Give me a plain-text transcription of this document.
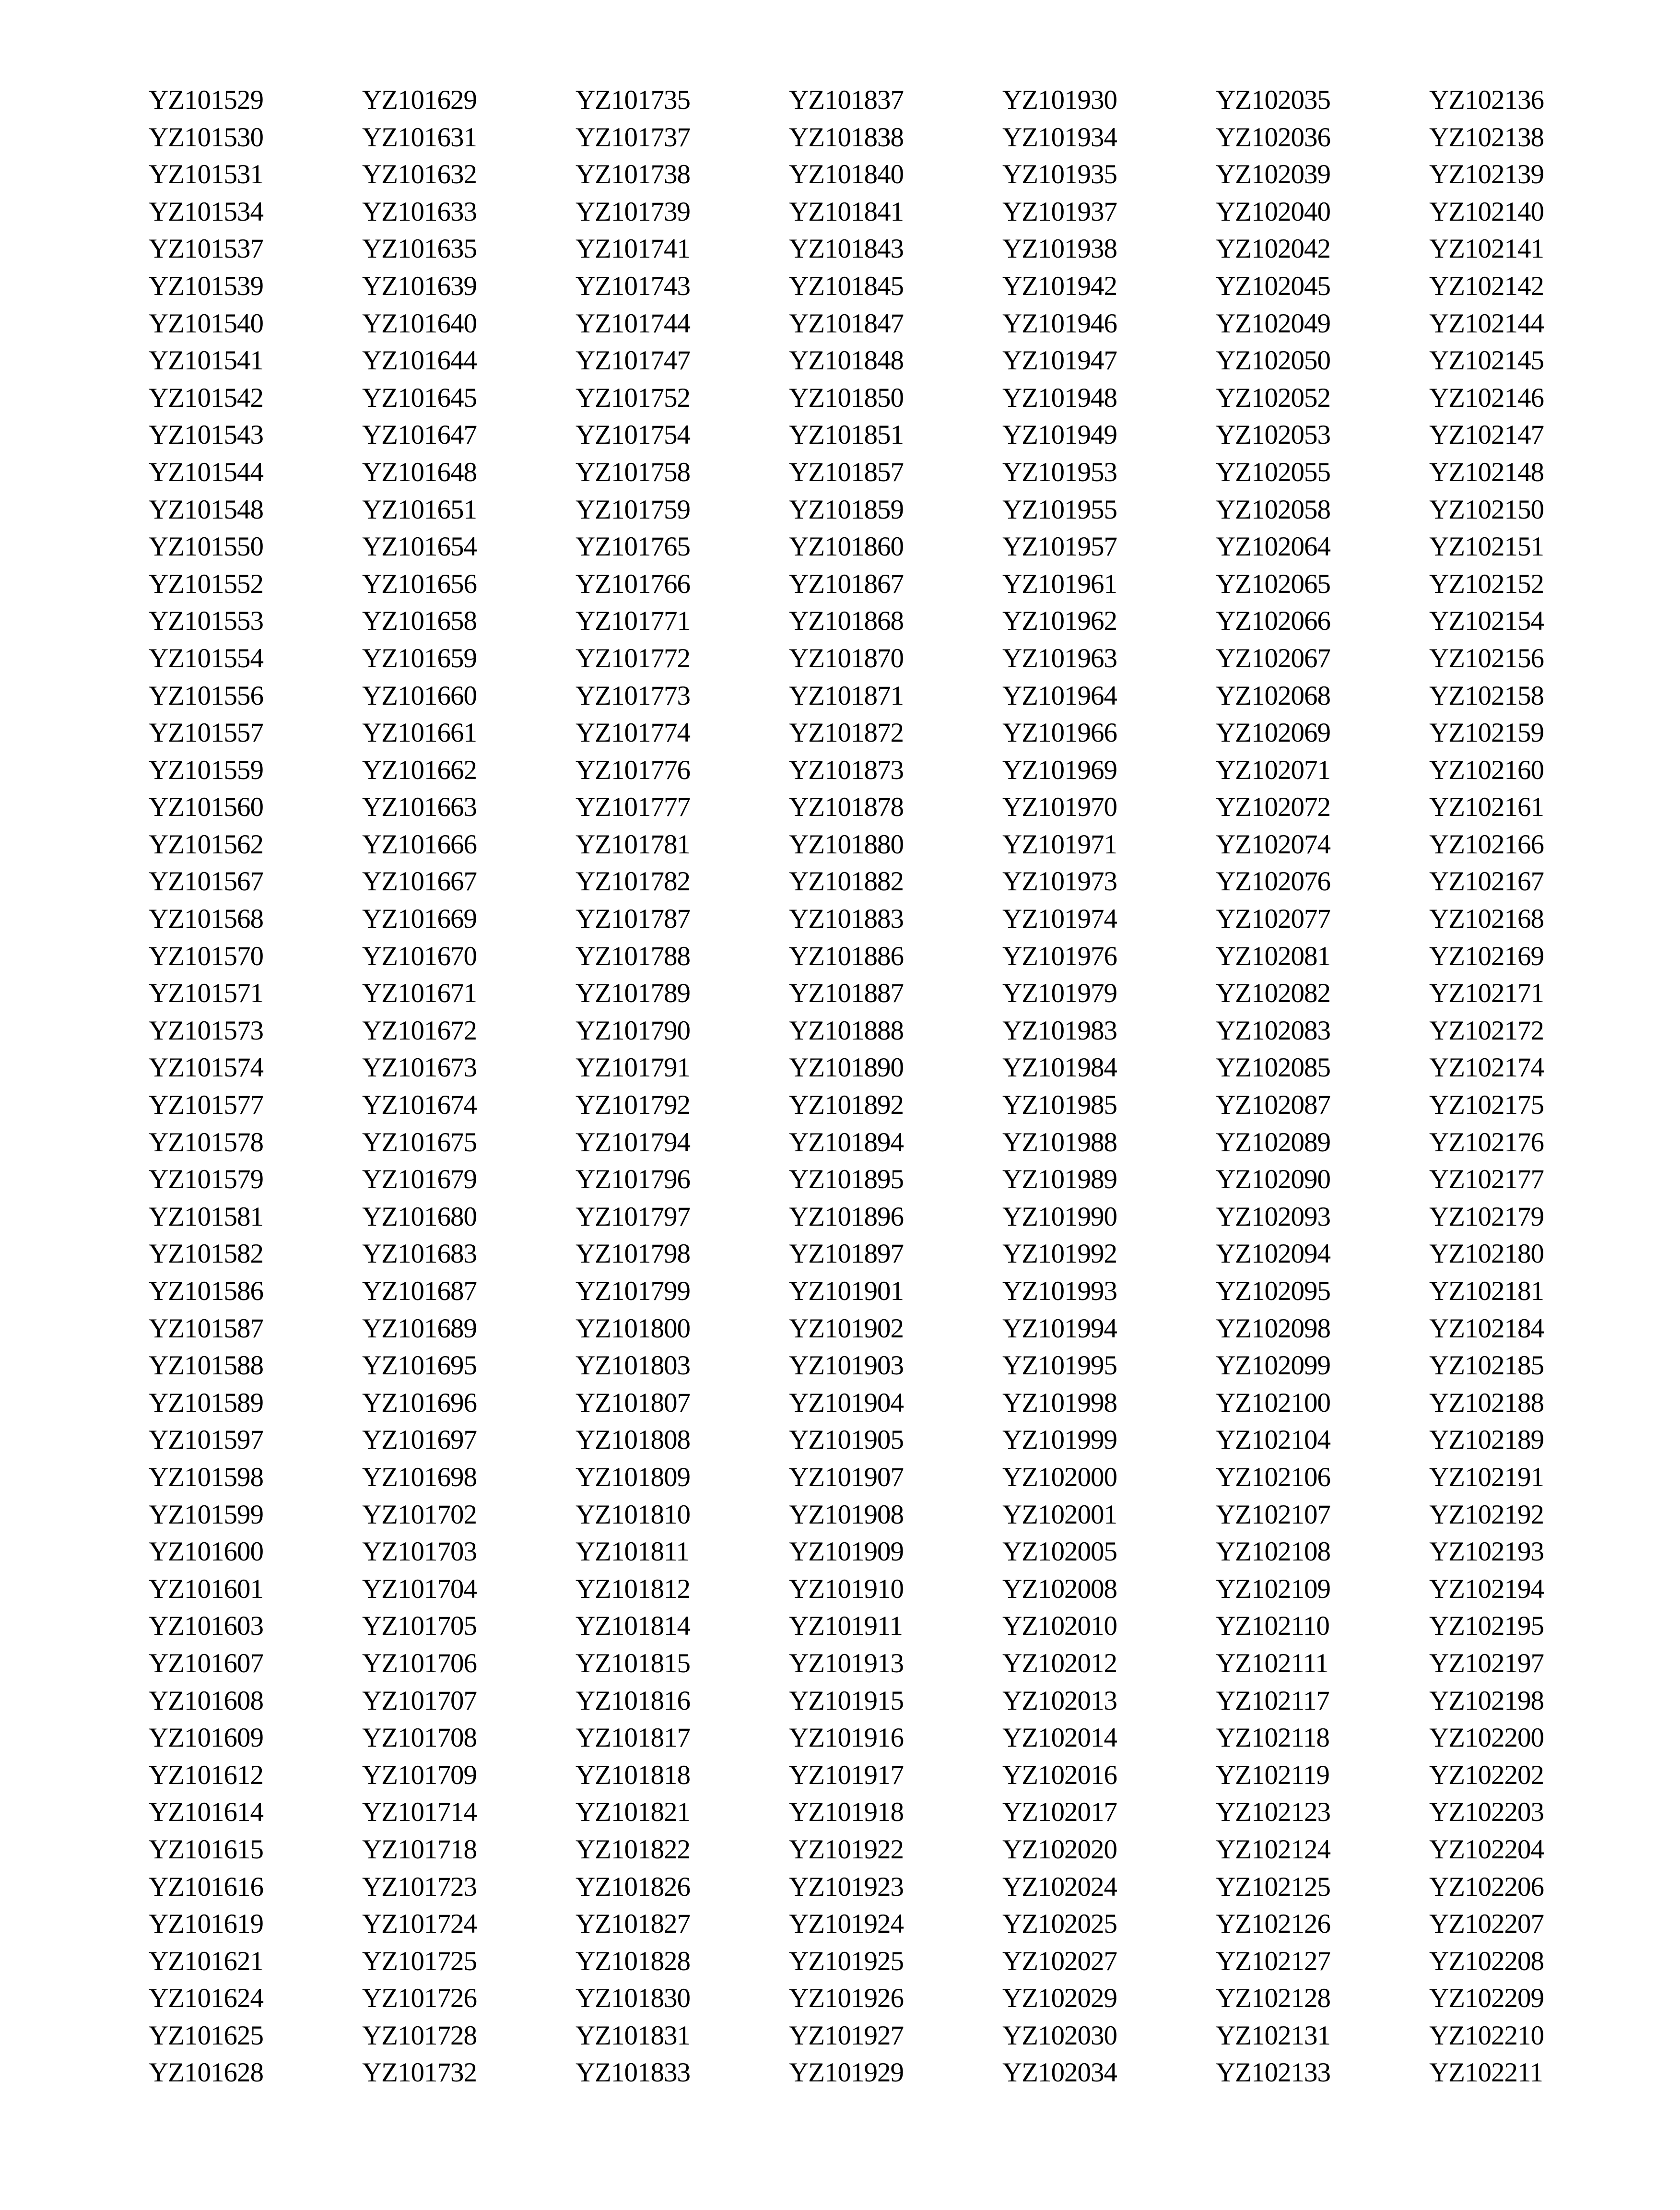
YZ101529
YZ101530
YZ101531
YZ101534
YZ101537
YZ101539
YZ101540
YZ101541
YZ101542
YZ101543
YZ101544
YZ101548
YZ101550
YZ101552
YZ101553
YZ101554
YZ101556
YZ101557
YZ101559
YZ101560
YZ101562
YZ101567
YZ101568
YZ101570
YZ101571
YZ101573
YZ101574
YZ101577
YZ101578
YZ101579
YZ101581
YZ101582
YZ101586
YZ101587
YZ101588
YZ101589
YZ101597
YZ101598
YZ101599
YZ101600
YZ101601
YZ101603
YZ101607
YZ101608
YZ101609
YZ101612
YZ101614
YZ101615
YZ101616
YZ101619
YZ101621
YZ101624
YZ101625
YZ101628
YZ101629
YZ101631
YZ101632
YZ101633
YZ101635
YZ101639
YZ101640
YZ101644
YZ101645
YZ101647
YZ101648
YZ101651
YZ101654
YZ101656
YZ101658
YZ101659
YZ101660
YZ101661
YZ101662
YZ101663
YZ101666
YZ101667
YZ101669
YZ101670
YZ101671
YZ101672
YZ101673
YZ101674
YZ101675
YZ101679
YZ101680
YZ101683
YZ101687
YZ101689
YZ101695
YZ101696
YZ101697
YZ101698
YZ101702
YZ101703
YZ101704
YZ101705
YZ101706
YZ101707
YZ101708
YZ101709
YZ101714
YZ101718
YZ101723
YZ101724
YZ101725
YZ101726
YZ101728
YZ101732
YZ101735
YZ101737
YZ101738
YZ101739
YZ101741
YZ101743
YZ101744
YZ101747
YZ101752
YZ101754
YZ101758
YZ101759
YZ101765
YZ101766
YZ101771
YZ101772
YZ101773
YZ101774
YZ101776
YZ101777
YZ101781
YZ101782
YZ101787
YZ101788
YZ101789
YZ101790
YZ101791
YZ101792
YZ101794
YZ101796
YZ101797
YZ101798
YZ101799
YZ101800
YZ101803
YZ101807
YZ101808
YZ101809
YZ101810
YZ101811
YZ101812
YZ101814
YZ101815
YZ101816
YZ101817
YZ101818
YZ101821
YZ101822
YZ101826
YZ101827
YZ101828
YZ101830
YZ101831
YZ101833
YZ101837
YZ101838
YZ101840
YZ101841
YZ101843
YZ101845
YZ101847
YZ101848
YZ101850
YZ101851
YZ101857
YZ101859
YZ101860
YZ101867
YZ101868
YZ101870
YZ101871
YZ101872
YZ101873
YZ101878
YZ101880
YZ101882
YZ101883
YZ101886
YZ101887
YZ101888
YZ101890
YZ101892
YZ101894
YZ101895
YZ101896
YZ101897
YZ101901
YZ101902
YZ101903
YZ101904
YZ101905
YZ101907
YZ101908
YZ101909
YZ101910
YZ101911
YZ101913
YZ101915
YZ101916
YZ101917
YZ101918
YZ101922
YZ101923
YZ101924
YZ101925
YZ101926
YZ101927
YZ101929
YZ101930
YZ101934
YZ101935
YZ101937
YZ101938
YZ101942
YZ101946
YZ101947
YZ101948
YZ101949
YZ101953
YZ101955
YZ101957
YZ101961
YZ101962
YZ101963
YZ101964
YZ101966
YZ101969
YZ101970
YZ101971
YZ101973
YZ101974
YZ101976
YZ101979
YZ101983
YZ101984
YZ101985
YZ101988
YZ101989
YZ101990
YZ101992
YZ101993
YZ101994
YZ101995
YZ101998
YZ101999
YZ102000
YZ102001
YZ102005
YZ102008
YZ102010
YZ102012
YZ102013
YZ102014
YZ102016
YZ102017
YZ102020
YZ102024
YZ102025
YZ102027
YZ102029
YZ102030
YZ102034
YZ102035
YZ102036
YZ102039
YZ102040
YZ102042
YZ102045
YZ102049
YZ102050
YZ102052
YZ102053
YZ102055
YZ102058
YZ102064
YZ102065
YZ102066
YZ102067
YZ102068
YZ102069
YZ102071
YZ102072
YZ102074
YZ102076
YZ102077
YZ102081
YZ102082
YZ102083
YZ102085
YZ102087
YZ102089
YZ102090
YZ102093
YZ102094
YZ102095
YZ102098
YZ102099
YZ102100
YZ102104
YZ102106
YZ102107
YZ102108
YZ102109
YZ102110
YZ102111
YZ102117
YZ102118
YZ102119
YZ102123
YZ102124
YZ102125
YZ102126
YZ102127
YZ102128
YZ102131
YZ102133
YZ102136
YZ102138
YZ102139
YZ102140
YZ102141
YZ102142
YZ102144
YZ102145
YZ102146
YZ102147
YZ102148
YZ102150
YZ102151
YZ102152
YZ102154
YZ102156
YZ102158
YZ102159
YZ102160
YZ102161
YZ102166
YZ102167
YZ102168
YZ102169
YZ102171
YZ102172
YZ102174
YZ102175
YZ102176
YZ102177
YZ102179
YZ102180
YZ102181
YZ102184
YZ102185
YZ102188
YZ102189
YZ102191
YZ102192
YZ102193
YZ102194
YZ102195
YZ102197
YZ102198
YZ102200
YZ102202
YZ102203
YZ102204
YZ102206
YZ102207
YZ102208
YZ102209
YZ102210
YZ102211
